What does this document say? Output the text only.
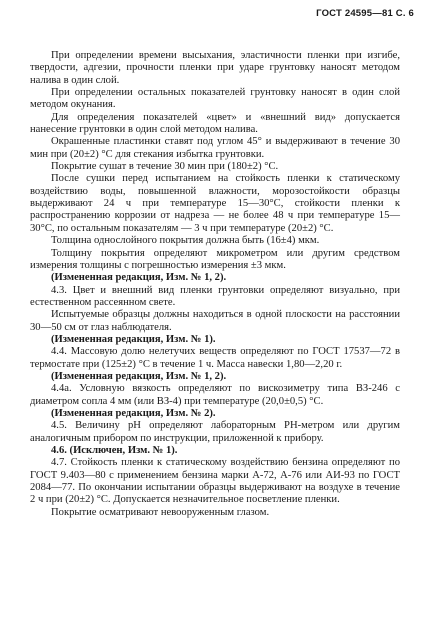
ГОСТ 24595—81 С. 6

При определении времени высыхания, эластичности пленки при изгибе, твердости, адгезии, прочности пленки при ударе грунтовку наносят методом налива в один слой.

При определении остальных показателей грунтовку наносят в один слой методом окунания.

Для определения показателей «цвет» и «внешний вид» допускается нанесение грунтовки в один слой методом налива.

Окрашенные пластинки ставят под углом 45° и выдерживают в течение 30 мин при (20±2) °C для стекания избытка грунтовки.

Покрытие сушат в течение 30 мин при (180±2) °C.

После сушки перед испытанием на стойкость пленки к статическому воздействию воды, повышенной влажности, морозостойкости образцы выдерживают 24 ч при температуре 15—30°C, стойкости пленки к распространению коррозии от надреза — не более 48 ч при температуре 15—30°C, по остальным показателям — 3 ч при температуре (20±2) °C.

Толщина однослойного покрытия должна быть (16±4) мкм.

Толщину покрытия определяют микрометром или другим средством измерения толщины с погрешностью измерения ±3 мкм.

(Измененная редакция, Изм. № 1, 2).

4.3. Цвет и внешний вид пленки грунтовки определяют визуально, при естественном рассеянном свете.

Испытуемые образцы должны находиться в одной плоскости на расстоянии 30—50 см от глаз наблюдателя.

(Измененная редакция, Изм. № 1).

4.4. Массовую долю нелетучих веществ определяют по ГОСТ 17537—72 в термостате при (125±2) °C в течение 1 ч. Масса навески 1,80—2,20 г.

(Измененная редакция, Изм. № 1, 2).

4.4а. Условную вязкость определяют по вискозиметру типа ВЗ-246 с диаметром сопла 4 мм (или ВЗ-4) при температуре (20,0±0,5) °C.

(Измененная редакция, Изм. № 2).

4.5. Величину pH определяют лабораторным PH-метром или другим аналогичным прибором по инструкции, приложенной к прибору.

4.6. (Исключен, Изм. № 1).

4.7. Стойкость пленки к статическому воздействию бензина определяют по ГОСТ 9.403—80 с применением бензина марки А-72, А-76 или АИ-93 по ГОСТ 2084—77. По окончании испытании образцы выдерживают на воздухе в течение 2 ч при (20±2) °C. Допускается незначительное посветление пленки.

Покрытие осматривают невооруженным глазом.
